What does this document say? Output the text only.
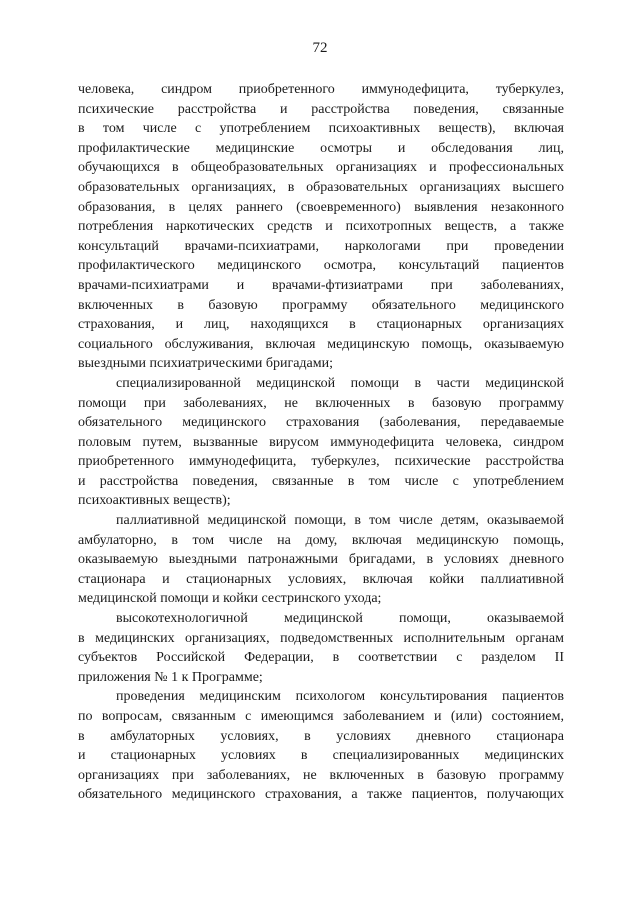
72
человека, синдром приобретенного иммунодефицита, туберкулез,
психические расстройства и расстройства поведения, связанные
в том числе с употреблением психоактивных веществ), включая
профилактические медицинские осмотры и обследования лиц,
обучающихся в общеобразовательных организациях и профессиональных
образовательных организациях, в образовательных организациях высшего
образования, в целях раннего (своевременного) выявления незаконного
потребления наркотических средств и психотропных веществ, а также
консультаций врачами-психиатрами, наркологами при проведении
профилактического медицинского осмотра, консультаций пациентов
врачами-психиатрами и врачами-фтизиатрами при заболеваниях,
включенных в базовую программу обязательного медицинского
страхования, и лиц, находящихся в стационарных организациях
социального обслуживания, включая медицинскую помощь, оказываемую
выездными психиатрическими бригадами;
специализированной медицинской помощи в части медицинской
помощи при заболеваниях, не включенных в базовую программу
обязательного медицинского страхования (заболевания, передаваемые
половым путем, вызванные вирусом иммунодефицита человека, синдром
приобретенного иммунодефицита, туберкулез, психические расстройства
и расстройства поведения, связанные в том числе с употреблением
психоактивных веществ);
паллиативной медицинской помощи, в том числе детям, оказываемой
амбулаторно, в том числе на дому, включая медицинскую помощь,
оказываемую выездными патронажными бригадами, в условиях дневного
стационара и стационарных условиях, включая койки паллиативной
медицинской помощи и койки сестринского ухода;
высокотехнологичной медицинской помощи, оказываемой
в медицинских организациях, подведомственных исполнительным органам
субъектов Российской Федерации, в соответствии с разделом II
приложения № 1 к Программе;
проведения медицинским психологом консультирования пациентов
по вопросам, связанным с имеющимся заболеванием и (или) состоянием,
в амбулаторных условиях, в условиях дневного стационара
и стационарных условиях в специализированных медицинских
организациях при заболеваниях, не включенных в базовую программу
обязательного медицинского страхования, а также пациентов, получающих
